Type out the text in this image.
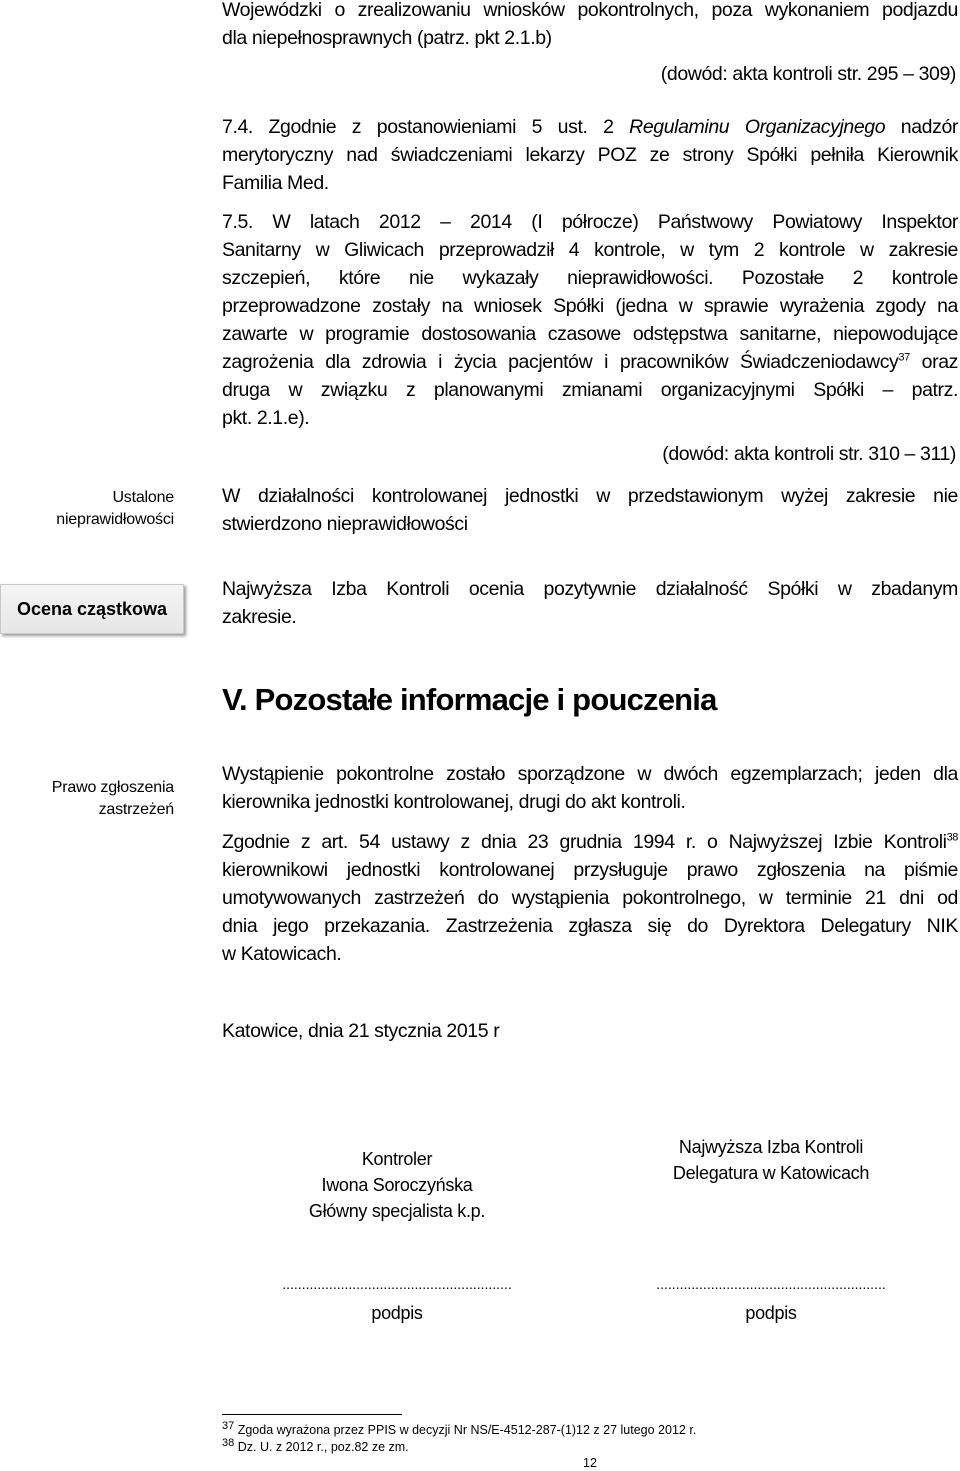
Wojewódzki o zrealizowaniu wniosków pokontrolnych, poza wykonaniem podjazdu
dla niepełnosprawnych (patrz. pkt 2.1.b)
(dowód: akta kontroli str. 295 – 309)
7.4. Zgodnie z postanowieniami 5 ust. 2 Regulaminu Organizacyjnego nadzór
merytoryczny nad świadczeniami lekarzy POZ ze strony Spółki pełniła Kierownik
Familia Med.
7.5. W latach 2012 – 2014 (I półrocze) Państwowy Powiatowy Inspektor
Sanitarny w Gliwicach przeprowadził 4 kontrole, w tym 2 kontrole w zakresie
szczepień, które nie wykazały nieprawidłowości. Pozostałe 2 kontrole
przeprowadzone zostały na wniosek Spółki (jedna w sprawie wyrażenia zgody na
zawarte w programie dostosowania czasowe odstępstwa sanitarne, niepowodujące
zagrożenia dla zdrowia i życia pacjentów i pracowników Świadczeniodawcy$^{37}$ oraz
druga w związku z planowanymi zmianami organizacyjnymi Spółki – patrz.
pkt. 2.1.e).
(dowód: akta kontroli str. 310 – 311)
Ustalone
nieprawidłowości
W działalności kontrolowanej jednostki w przedstawionym wyżej zakresie nie
stwierdzono nieprawidłowości
Ocena cząstkowa
Najwyższa Izba Kontroli ocenia pozytywnie działalność Spółki w zbadanym
zakresie.
V. Pozostałe informacje i pouczenia
Prawo zgłoszenia
zastrzeżeń
Wystąpienie pokontrolne zostało sporządzone w dwóch egzemplarzach; jeden dla
kierownika jednostki kontrolowanej, drugi do akt kontroli.
Zgodnie z art. 54 ustawy z dnia 23 grudnia 1994 r. o Najwyższej Izbie Kontroli$^{38}$
kierownikowi jednostki kontrolowanej przysługuje prawo zgłoszenia na piśmie
umotywowanych zastrzeżeń do wystąpienia pokontrolnego, w terminie 21 dni od
dnia jego przekazania. Zastrzeżenia zgłasza się do Dyrektora Delegatury NIK
w Katowicach.
Katowice, dnia 21 stycznia 2015 r
Kontroler
Iwona Soroczyńska
Główny specjalista k.p.
Najwyższa Izba Kontroli
Delegatura w Katowicach
...........................................................
podpis
...........................................................
podpis
$^{37}$ Zgoda wyrażona przez PPIS w decyzji Nr NS/E-4512-287-(1)12 z 27 lutego 2012 r.
$^{38}$ Dz. U. z 2012 r., poz.82 ze zm.
12
